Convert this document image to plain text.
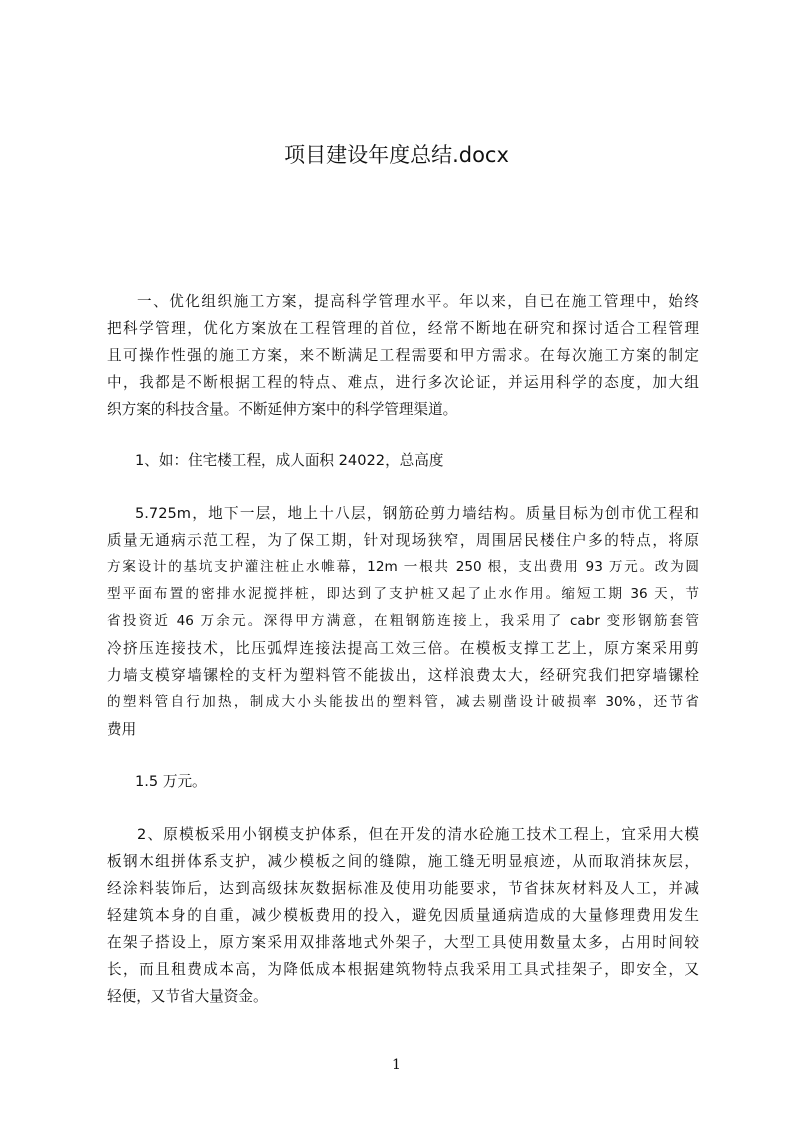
项目建设年度总结.docx
一、优化组织施工方案，提高科学管理水平。年以来，自已在施工管理中，始终
把科学管理，优化方案放在工程管理的首位，经常不断地在研究和探讨适合工程管理
且可操作性强的施工方案，来不断满足工程需要和甲方需求。在每次施工方案的制定
中，我都是不断根据工程的特点、难点，进行多次论证，并运用科学的态度，加大组
织方案的科技含量。不断延伸方案中的科学管理渠道。
1、如：住宅楼工程，成人面积 24022，总高度
5.725m，地下一层，地上十八层，钢筋砼剪力墙结构。质量目标为创市优工程和
质量无通病示范工程，为了保工期，针对现场狭窄，周围居民楼住户多的特点，将原
方案设计的基坑支护灌注桩止水帷幕，12m 一根共 250 根，支出费用 93 万元。改为圆
型平面布置的密排水泥搅拌桩，即达到了支护桩又起了止水作用。缩短工期 36 天，节
省投资近 46 万余元。深得甲方满意，在粗钢筋连接上，我采用了 cabr 变形钢筋套管
冷挤压连接技术，比压弧焊连接法提高工效三倍。在模板支撑工艺上，原方案采用剪
力墙支模穿墙镙栓的支杆为塑料管不能拔出，这样浪费太大，经研究我们把穿墙镙栓
的塑料管自行加热，制成大小头能拔出的塑料管，减去剔凿设计破损率 30%，还节省
费用
1.5 万元。
2、原模板采用小钢模支护体系，但在开发的清水砼施工技术工程上，宜采用大模
板钢木组拼体系支护，减少模板之间的缝隙，施工缝无明显痕迹，从而取消抹灰层，
经涂料装饰后，达到高级抹灰数据标准及使用功能要求，节省抹灰材料及人工，并减
轻建筑本身的自重，减少模板费用的投入，避免因质量通病造成的大量修理费用发生
在架子搭设上，原方案采用双排落地式外架子，大型工具使用数量太多，占用时间较
长，而且租费成本高，为降低成本根据建筑物特点我采用工具式挂架子，即安全，又
轻便，又节省大量资金。
1
